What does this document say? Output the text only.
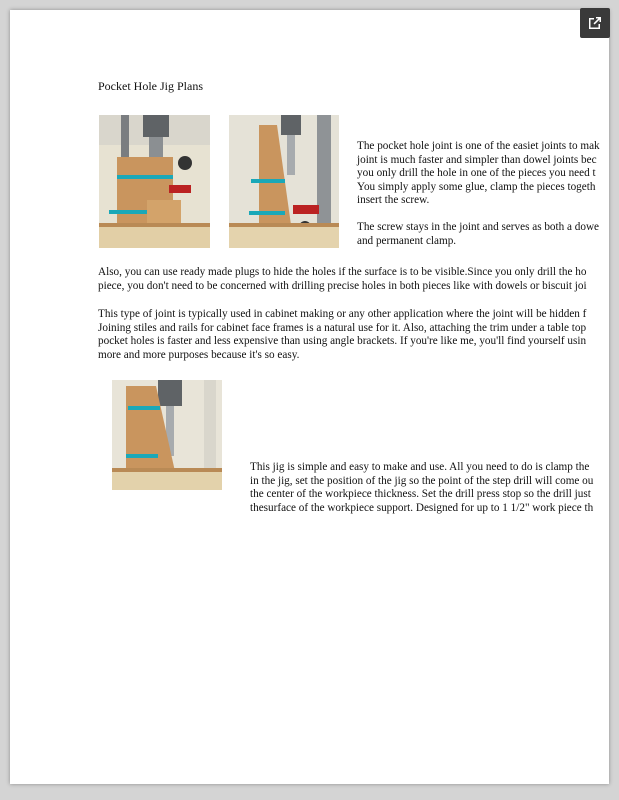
Pocket Hole Jig Plans

The pocket hole joint is one of the easiet joints to mak
joint is much faster and simpler than dowel joints bec
you only drill the hole in one of the pieces you need t
You simply apply some glue, clamp the pieces togeth
insert the screw.

The screw stays in the joint and serves as both a dowe
and permanent clamp.

Also, you can use ready made plugs to hide the holes if the surface is to be visible.Since you only drill the ho
piece, you don't need to be concerned with drilling precise holes in both pieces like with dowels or biscuit joi

This type of joint is typically used in cabinet making or any other application where the joint will be hidden f
Joining stiles and rails for cabinet face frames is a natural use for it. Also, attaching the trim under a table top
pocket holes is faster and less expensive than using angle brackets. If you're like me, you'll find yourself usin
more and more purposes because it's so easy.

This jig is simple and easy to make and use. All you need to do is clamp the
in the jig, set the position of the jig so the point of the step drill will come ou
the center of the workpiece thickness. Set the drill press stop so the drill just
thesurface of the workpiece support. Designed for up to 1 1/2" work piece th
